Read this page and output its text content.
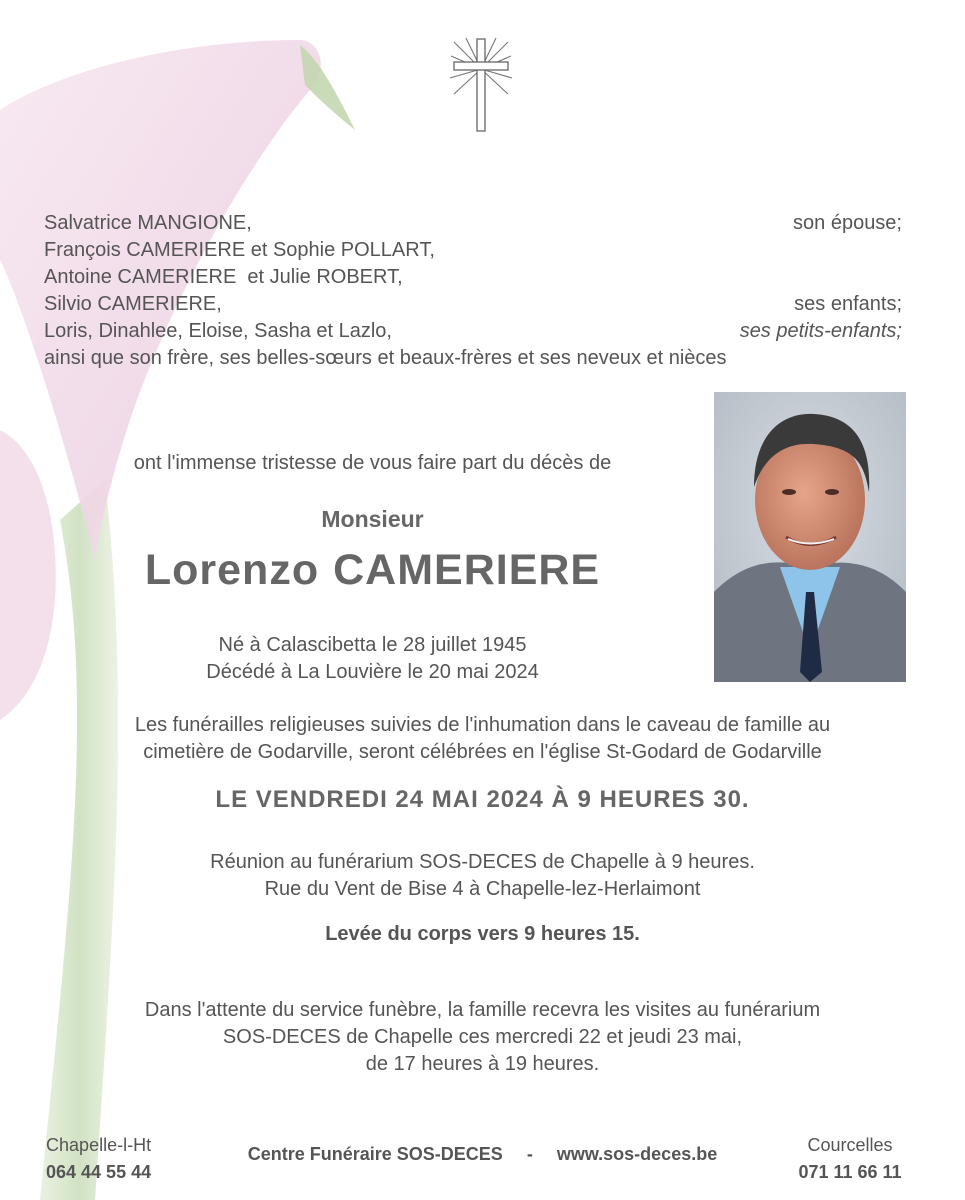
Salvatrice MANGIONE,	son épouse;
François CAMERIERE et Sophie POLLART,
Antoine CAMERIERE  et Julie ROBERT,
Silvio CAMERIERE,	ses enfants;
Loris, Dinahlee, Eloise, Sasha et Lazlo,	ses petits-enfants;
ainsi que son frère, ses belles-sœurs et beaux-frères et ses neveux et nièces
ont l'immense tristesse de vous faire part du décès de
Monsieur
Lorenzo CAMERIERE
Né à Calascibetta le 28 juillet 1945
Décédé à La Louvière le 20 mai 2024
Les funérailles religieuses suivies de l'inhumation dans le caveau de famille au
cimetière de Godarville, seront célébrées en l'église St-Godard de Godarville
LE VENDREDI 24 MAI 2024 À 9 HEURES 30.
Réunion au funérarium SOS-DECES de Chapelle à 9 heures.
Rue du Vent de Bise 4 à Chapelle-lez-Herlaimont
Levée du corps vers 9 heures 15.
Dans l'attente du service funèbre, la famille recevra les visites au funérarium
SOS-DECES de Chapelle ces mercredi 22 et jeudi 23 mai,
de 17 heures à 19 heures.
Chapelle-l-Ht
064 44 55 44
Centre Funéraire SOS-DECES - www.sos-deces.be	Courcelles
071 11 66 11
